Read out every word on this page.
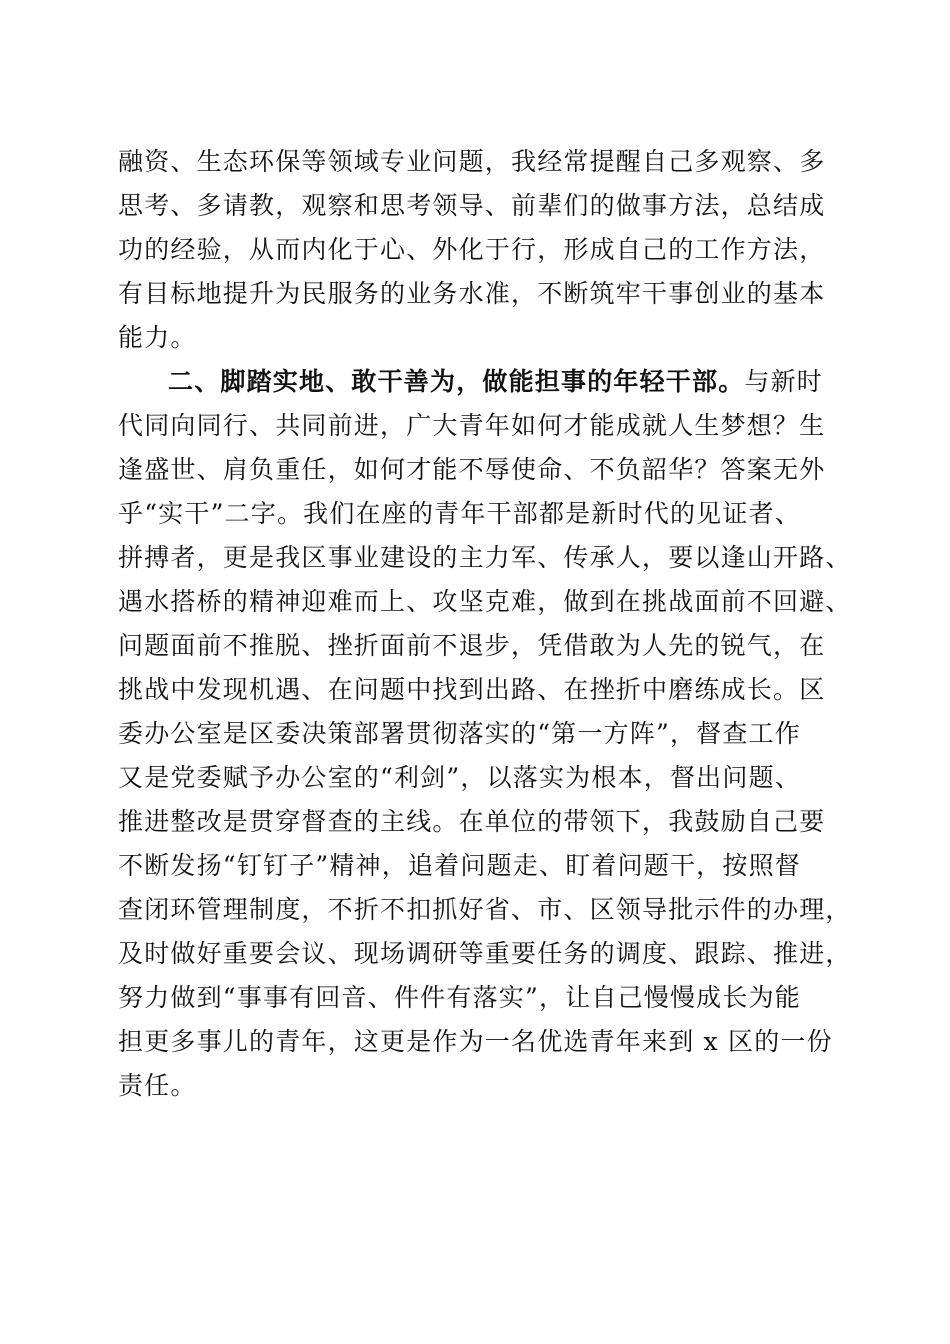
融资、生态环保等领域专业问题，我经常提醒自己多观察、多
思考、多请教，观察和思考领导、前辈们的做事方法，总结成
功的经验，从而内化于心、外化于行，形成自己的工作方法，
有目标地提升为民服务的业务水准，不断筑牢干事创业的基本
能力。
二、脚踏实地、敢干善为，做能担事的年轻干部。与新时
代同向同行、共同前进，广大青年如何才能成就人生梦想？生
逢盛世、肩负重任，如何才能不辱使命、不负韶华？答案无外
乎“实干”二字。我们在座的青年干部都是新时代的见证者、
拼搏者，更是我区事业建设的主力军、传承人，要以逢山开路、
遇水搭桥的精神迎难而上、攻坚克难，做到在挑战面前不回避、
问题面前不推脱、挫折面前不退步，凭借敢为人先的锐气，在
挑战中发现机遇、在问题中找到出路、在挫折中磨练成长。区
委办公室是区委决策部署贯彻落实的“第一方阵”，督查工作
又是党委赋予办公室的“利剑”，以落实为根本，督出问题、
推进整改是贯穿督查的主线。在单位的带领下，我鼓励自己要
不断发扬“钉钉子”精神，追着问题走、盯着问题干，按照督
查闭环管理制度，不折不扣抓好省、市、区领导批示件的办理，
及时做好重要会议、现场调研等重要任务的调度、跟踪、推进，
努力做到“事事有回音、件件有落实”，让自己慢慢成长为能
担更多事儿的青年，这更是作为一名优选青年来到 x 区的一份
责任。
